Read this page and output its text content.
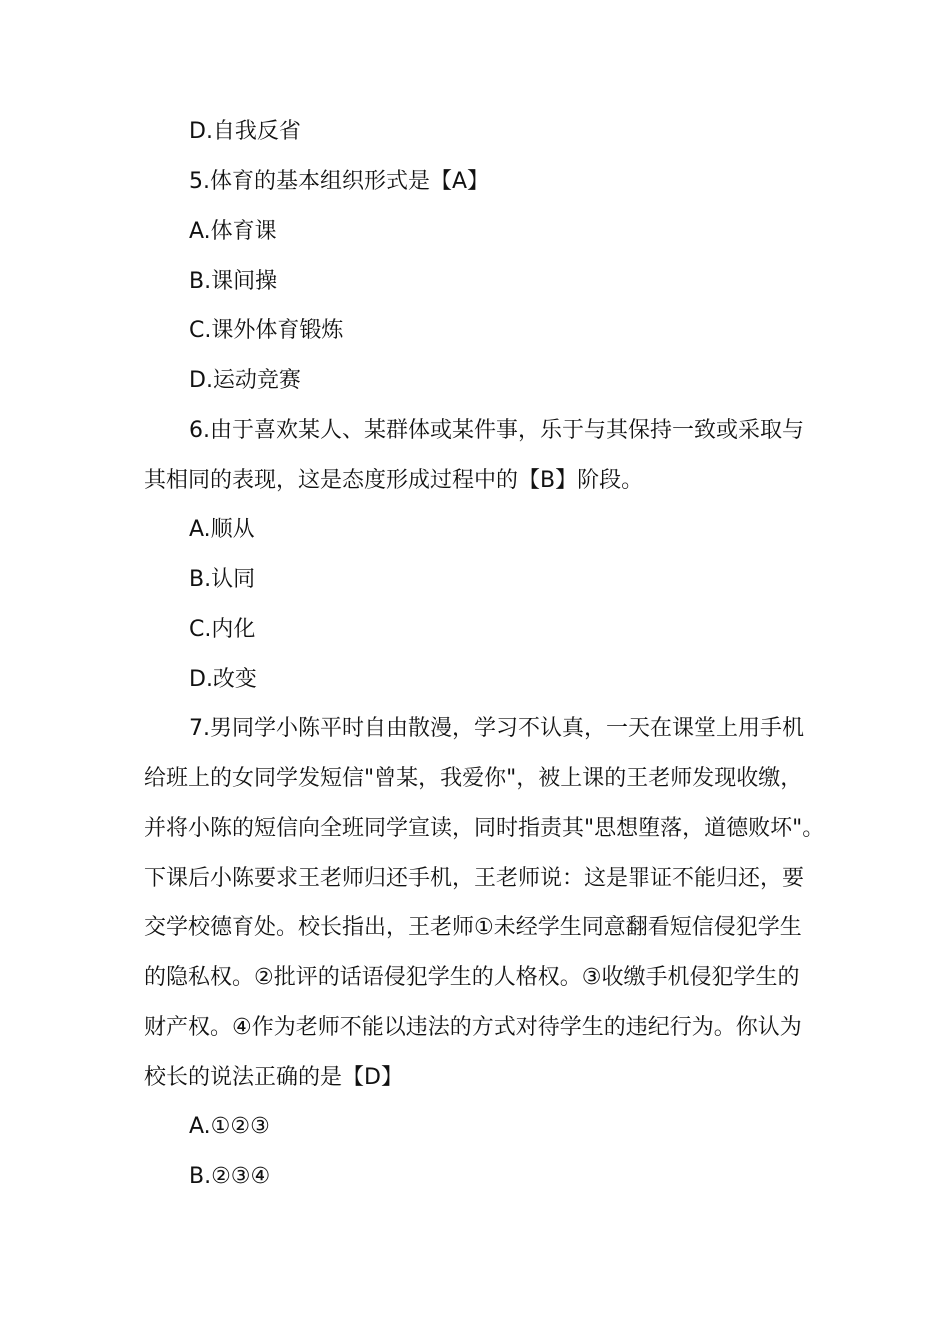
D.自我反省
5.体育的基本组织形式是【A】
A.体育课
B.课间操
C.课外体育锻炼
D.运动竞赛
6.由于喜欢某人、某群体或某件事，乐于与其保持一致或采取与
其相同的表现，这是态度形成过程中的【B】阶段。
A.顺从
B.认同
C.内化
D.改变
7.男同学小陈平时自由散漫，学习不认真，一天在课堂上用手机
给班上的女同学发短信"曾某，我爱你"，被上课的王老师发现收缴，
并将小陈的短信向全班同学宣读，同时指责其"思想堕落，道德败坏"。
下课后小陈要求王老师归还手机，王老师说：这是罪证不能归还，要
交学校德育处。校长指出，王老师①未经学生同意翻看短信侵犯学生
的隐私权。②批评的话语侵犯学生的人格权。③收缴手机侵犯学生的
财产权。④作为老师不能以违法的方式对待学生的违纪行为。你认为
校长的说法正确的是【D】
A.①②③
B.②③④
